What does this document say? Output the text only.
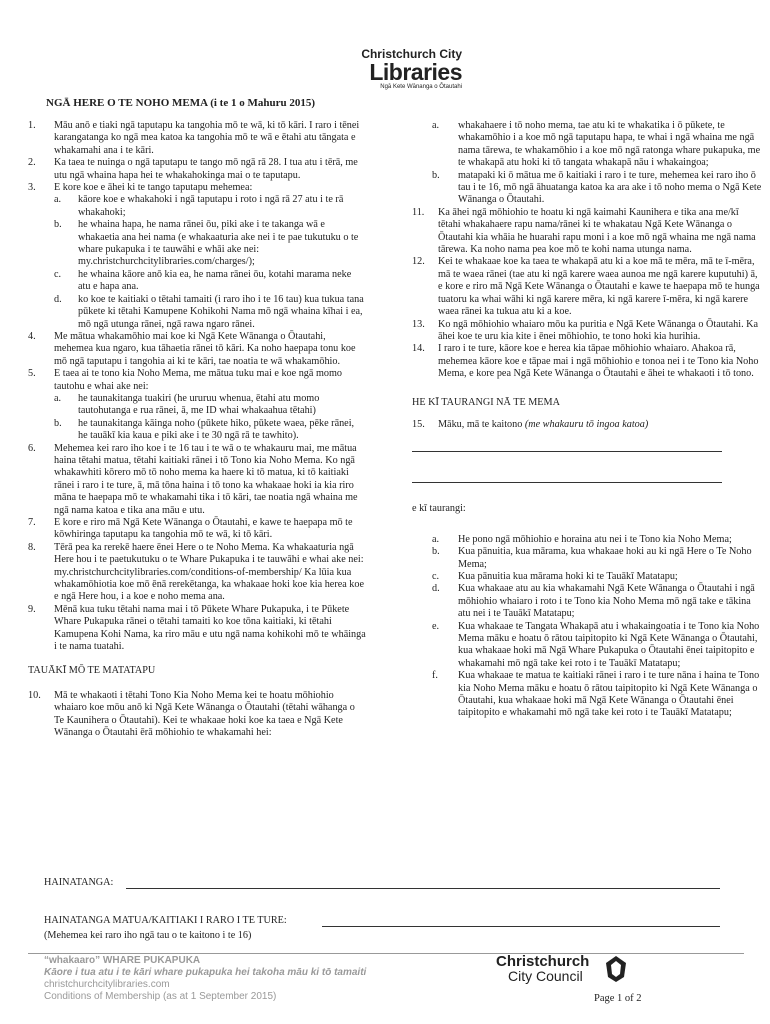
Christchurch City
Libraries
Ngā Kete Wānanga o Ōtautahi
NGĀ HERE O TE NOHO MEMA (i te 1 o Mahuru 2015)
1.	Māu anō e tiaki ngā taputapu ka tangohia mō te wā, ki tō kāri. I raro i tēnei karangatanga ko ngā mea katoa ka tangohia mō te wā e ētahi atu tāngata e whakamahi ana i te kāri.
2.	Ka taea te nuinga o ngā taputapu te tango mō ngā rā 28. I tua atu i tērā, me utu ngā whaina hapa hei te whakahokinga mai o te taputapu.
3.	E kore koe e āhei ki te tango taputapu mehemea:
a. kāore koe e whakahoki i ngā taputapu i roto i ngā rā 27 atu i te rā whakahoki;
b. he whaina hapa, he nama rānei ōu, piki ake i te takanga wā e whakaetia ana hei nama (e whakaaturia ake nei i te pae tukutuku o te whare pukapuka i te tauwāhi e whāi ake nei: my.christchurchcitylibraries.com/charges/);
c. he whaina kāore anō kia ea, he nama rānei ōu, kotahi marama neke atu e hapa ana.
d. ko koe te kaitiaki o tētahi tamaiti (i raro iho i te 16 tau) kua tukua tana pūkete ki tētahi Kamupene Kohikohi Nama mō ngā whaina kīhai i ea, mō ngā utunga rānei, ngā rawa ngaro rānei.
4.	Me mātua whakamōhio mai koe ki Ngā Kete Wānanga o Ōtautahi, mehemea kua ngaro, kua tāhaetia rānei tō kāri. Ka noho haepapa tonu koe mō ngā taputapu i tangohia ai ki te kāri, tae noatia te wā whakamōhio.
5.	E taea ai te tono kia Noho Mema, me mātua tuku mai e koe ngā momo tautohu e whai ake nei:
a. he taunakitanga tuakiri (he ururuu whenua, ētahi atu momo tautohutanga e rua rānei, ā, me ID whai whakaahua tētahi)
b. he taunakitanga kāinga noho (pūkete hiko, pūkete waea, pēke rānei, he tauākī kia kaua e piki ake i te 30 ngā rā te tawhito).
6.	Mehemea kei raro iho koe i te 16 tau i te wā o te whakauru mai, me mātua haina tētahi matua, tētahi kaitiaki rānei i tō Tono kia Noho Mema. Ko ngā whakawhiti kōrero mō tō noho mema ka haere ki tō matua, ki tō kaitiaki rānei i raro i te ture, ā, mā tōna haina i tō tono ka whakaae hoki ia kia riro māna te haepapa mō te whakamahi tika i tō kāri, tae noatia ngā whaina me ngā nama katoa e tika ana māu e utu.
7.	E kore e riro mā Ngā Kete Wānanga o Ōtautahi, e kawe te haepapa mō te kōwhiringa taputapu ka tangohia mō te wā, ki tō kāri.
8.	Tērā pea ka rerekē haere ēnei Here o te Noho Mema. Ka whakaaturia ngā Here hou i te paetukutuku o te Whare Pukapuka i te tauwāhi e whai ake nei: my.christchurchcitylibraries.com/conditions-of-membership/ Ka lūia kua whakamōhiotia koe mō ēnā rerekētanga, ka whakaae hoki koe kia herea koe e ngā Here hou, i a koe e noho mema ana.
9.	Mēnā kua tuku tētahi nama mai i tō Pūkete Whare Pukapuka, i te Pūkete Whare Pukapuka rānei o tētahi tamaiti ko koe tōna kaitiaki, ki tētahi Kamupena Kohi Nama, ka riro māu e utu ngā nama kohikohi mō te whāinga i te nama tuatahi.
TAUĀKĪ MŌ TE MATATAPU
10.	Mā te whakaoti i tētahi Tono Kia Noho Mema kei te hoatu mōhiohio whaiaro koe mōu anō ki Ngā Kete Wānanga o Ōtautahi (tētahi wāhanga o Te Kaunihera o Ōtautahi). Kei te whakaae hoki koe ka taea e Ngā Kete Wānanga o Ōtautahi ērā mōhiohio te whakamahi hei:
a. whakahaere i tō noho mema, tae atu ki te whakatika i ō pūkete, te whakamōhio i a koe mō ngā taputapu hapa, te whai i ngā whaina me ngā nama tārewa, te whakamōhio i a koe mō ngā ratonga whare pukapuka, me te whakapā atu hoki ki tō tangata whakapā nāu i whakaingoa;
b. matapaki ki ō mātua me ō kaitiaki i raro i te ture, mehemea kei raro iho ō tau i te 16, mō ngā āhuatanga katoa ka ara ake i tō noho mema o Ngā Kete Wānanga o Ōtautahi.
11.	Ka āhei ngā mōhiohio te hoatu ki ngā kaimahi Kaunihera e tika ana me/kī tētahi whakahaere rapu nama/rānei ki te whakatau Ngā Kete Wānanga o Ōtautahi kia whāia he huarahi rapu moni i a koe mō ngā whaina me ngā nama tārewa. Ka noho nama pea koe mō te kohi nama utunga nama.
12.	Kei te whakaae koe ka taea te whakapā atu ki a koe mā te mēra, mā te ī-mēra, mā te waea rānei (tae atu ki ngā karere waea aunoa me ngā karere kuputuhi) ā, e kore e riro mā Ngā Kete Wānanga o Ōtautahi e kawe te haepapa mō te hunga tuatoru ka whai wāhi ki ngā karere mēra, ki ngā karere ī-mēra, ki ngā karere waea rānei ka tukua atu ki a koe.
13.	Ko ngā mōhiohio whaiaro mōu ka puritia e Ngā Kete Wānanga o Ōtautahi. Ka āhei koe te uru kia kite i ēnei mōhiohio, te tono hoki kia hurihia.
14.	I raro i te ture, kāore koe e herea kia tāpae mōhiohio whaiaro. Ahakoa rā, mehemea kāore koe e tāpae mai i ngā mōhiohio e tonoa nei i te Tono kia Noho Mema, e kore pea Ngā Kete Wānanga o Ōtautahi e āhei te whakaoti i tō tono.
HE KĪ TAURANGI NĀ TE MEMA
15.	Māku, mā te kaitono (me whakauru tō ingoa katoa)
e kī taurangi:
a. He pono ngā mōhiohio e horaina atu nei i te Tono kia Noho Mema;
b. Kua pānuitia, kua mārama, kua whakaae hoki au ki ngā Here o Te Noho Mema;
c. Kua pānuitia kua mārama hoki ki te Tauākī Matatapu;
d. Kua whakaae atu au kia whakamahi Ngā Kete Wānanga o Ōtautahi i ngā mōhiohio whaiaro i roto i te Tono kia Noho Mema mō ngā take e tākina atu nei i te Tauākī Matatapu;
e. Kua whakaae te Tangata Whakapā atu i whakaingoatia i te Tono kia Noho Mema māku e hoatu ō rātou taipitopito ki Ngā Kete Wānanga o Ōtautahi, kua whakaae hoki mā Ngā Whare Pukapuka o Ōtautahi ēnei taipitopito e whakamahi mō ngā take kei roto i te Tauākī Matatapu;
f. Kua whakaae te matua te kaitiaki rānei i raro i te ture nāna i haina te Tono kia Noho Mema māku e hoatu ō rātou taipitopito ki Ngā Kete Wānanga o Ōtautahi, kua whakaae hoki mā Ngā Kete Wānanga o Ōtautahi ēnei taipitopito e whakamahi mō ngā take kei roto i te Tauākī Matatapu;
HAINATANGA:
HAINATANGA MATUA/KAITIAKI I RARO I TE TURE:
(Mehemea kei raro iho ngā tau o te kaitono i te 16)
“whakaaro” WHARE PUKAPUKA
Kāore i tua atu i te kāri whare pukapuka hei takoha māu ki tō tamaiti
christchurchcitylibraries.com
Conditions of Membership (as at 1 September 2015)
Christchurch
City Council
Page 1 of 2
